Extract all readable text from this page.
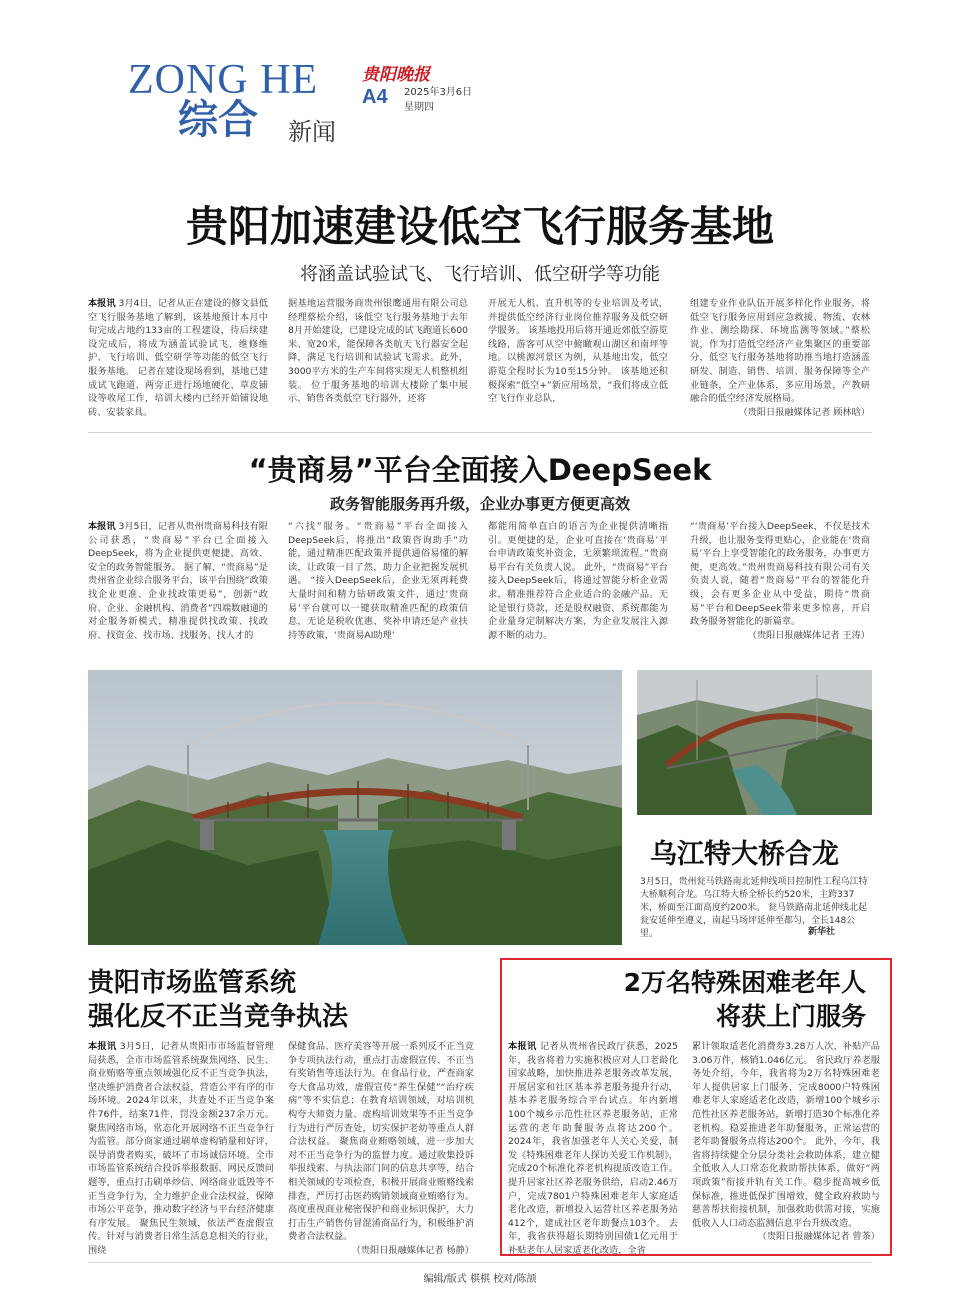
ZONG HE
综合 新闻
贵阳晚报
A4 2025年3月6日
星期四
贵阳加速建设低空飞行服务基地
将涵盖试验试飞、飞行培训、低空研学等功能
本报讯 3月4日，记者从正在建设的修文县低空飞行服务基地了解到，该基地预计本月中旬完成占地约133亩的工程建设，待后续建设完成后，将成为涵盖试验试飞、维修维护、飞行培训、低空研学等功能的低空飞行服务基地。 记者在建设现场看到，基地已建成试飞跑道、两旁正进行场地硬化、草皮铺设等收尾工作，培训大楼内已经开始铺设地砖、安装家具。
据基地运营服务商贵州银鹰通用有限公司总经理蔡松介绍，该低空飞行服务基地于去年8月开始建设，已建设完成的试飞跑道长600米、宽20米，能保障各类航天飞行器安全起降，满足飞行培训和试验试飞需求。此外，3000平方米的生产车间将实现无人机整机组装。 位于服务基地的培训大楼除了集中展示、销售各类低空飞行器外，还将
开展无人机、直升机等的专业培训及考试，并提供低空经济行业岗位推荐服务及低空研学服务。 该基地投用后将开通近郊低空游览线路，游客可从空中俯瞰观山湖区和南坪等地。以桃源河景区为例，从基地出发，低空游览全程时长为10至15分钟。 该基地还积极探索“低空+”新应用场景，“我们将成立低空飞行作业总队，
组建专业作业队伍开展多样化作业服务，将低空飞行服务应用到应急救援、物流、农林作业、测绘勘探、环境监测等领域。”蔡松说，作为打造低空经济产业集聚区的重要部分，低空飞行服务基地将助推当地打造涵盖研发、制造、销售、培训、服务保障等全产业链条，全产业体系，多应用场景，产教研融合的低空经济发展格局。
（贵阳日报融媒体记者 顾林晗）
“贵商易”平台全面接入DeepSeek
政务智能服务再升级，企业办事更方便更高效
本报讯 3月5日，记者从贵州贵商易科技有限公司获悉，“贵商易”平台已全面接入DeepSeek，将为企业提供更便捷、高效、安全的政务智能服务。 据了解，“贵商易”是贵州省企业综合服务平台，该平台围绕“政策找企业更准、企业找政策更易”，创新“政府、企业、金融机构、消费者”四端数融通的对企服务新模式，精准提供找政策、找政府、找资金、找市场、找服务、找人才的
“六找”服务。“贵商易”平台全面接入DeepSeek后，将推出“政策咨询助手”功能，通过精准匹配政策并提供通俗易懂的解读，让政策一目了然，助力企业把握发展机遇。 “接入DeepSeek后，企业无须再耗费大量时间和精力钻研政策文件，通过‘贵商易’平台就可以一键获取精准匹配的政策信息，无论是税收优惠、奖补申请还是产业扶持等政策，‘贵商易AI助理’
都能用简单直白的语言为企业提供清晰指引。更便捷的是，企业可直接在‘贵商易’平台申请政策奖补资金，无须繁琐流程。”贵商易平台有关负责人说。 此外，“贵商易”平台接入DeepSeek后，将通过智能分析企业需求，精准推荐符合企业适合的金融产品。无论是银行贷款，还是股权融资，系统都能为企业量身定制解决方案，为企业发展注入源源不断的动力。
“‘贵商易’平台接入DeepSeek，不仅是技术升级，也让服务变得更贴心，企业能在‘贵商易’平台上享受智能化的政务服务，办事更方便，更高效。”贵州贵商易科技有限公司有关负责人说，随着“贵商易”平台的智能化升级，会有更多企业从中受益，期待“贵商易”平台和DeepSeek带来更多惊喜，开启政务服务智能化的新篇章。
（贵阳日报融媒体记者 王涛）
乌江特大桥合龙
3月5日，贵州瓮马铁路南北延伸线项目控制性工程乌江特大桥顺利合龙。乌江特大桥全桥长约520米，主跨337米，桥面至江面高度约200米。 瓮马铁路南北延伸线北起瓮安延伸至遵义，南起马场坪延伸至都匀，全长148公里。	新华社
贵阳市场监管系统
强化反不正当竞争执法
本报讯 3月5日，记者从贵阳市市场监督管理局获悉，全市市场监管系统聚焦网络、民生、商业贿赂等重点领域强化反不正当竞争执法，坚决维护消费者合法权益，营造公平有序的市场环境。2024年以来，共查处不正当竞争案件76件，结案71件，罚没金额237余万元。 聚焦网络市场，常态化开展网络不正当竞争行为监管。部分商家通过刷单虚构销量和好评，误导消费者购买，破坏了市场诚信环境。全市市场监管系统结合投诉举报数据、网民反馈问题等，重点打击刷单炒信、网络商业诋毁等不正当竞争行为，全力维护企业合法权益，保障市场公平竞争，推动数字经济与平台经济健康有序发展。 聚焦民生领域，依法严查虚假宣传。针对与消费者日常生活息息相关的行业，围绕
保健食品、医疗美容等开展一系列反不正当竞争专项执法行动，重点打击虚假宣传、不正当有奖销售等违法行为。在食品行业，严查商家夸大食品功效，虚假宣传“养生保健”“治疗疾病”等不实信息；在教育培训领域，对培训机构夸大师资力量、虚构培训效果等不正当竞争行为进行严厉查处，切实保护老幼等重点人群合法权益。 聚焦商业贿赂领域，进一步加大对不正当竞争行为的监督力度。通过收集投诉举报线索、与执法部门间的信息共享等，结合相关领域的专项检查，积极开展商业贿赂线索排查，严厉打击医药购销领域商业贿赂行为。高度重视商业秘密保护和商业标识保护，大力打击生产销售仿冒混淆商品行为，积极维护消费者合法权益。
（贵阳日报融媒体记者 杨静）
2万名特殊困难老年人
将获上门服务
本报讯 记者从贵州省民政厅获悉，2025年，我省将着力实施积极应对人口老龄化国家战略，加快推进养老服务改革发展，开展居家和社区基本养老服务提升行动，基本养老服务综合平台试点。年内新增100个城乡示范性社区养老服务站，正常运营的老年助餐服务点将达200个。 2024年，我省加强老年人关心关爱，制发《特殊困难老年人探访关爱工作机制》，完成20个标准化养老机构提质改造工作。提升居家社区养老服务供给，启动2.46万户，完成7801户特殊困难老年人家庭适老化改造，新增投入运营社区养老服务站412个，建成社区老年助餐点103个。 去年，我省获得超长期特别国债1亿元用于补贴老年人居家适老化改造，全省
累计领取适老化消费券3.28万人次，补贴产品3.06万件，核销1.046亿元。 省民政厅养老服务处介绍，今年，我省将为2万名特殊困难老年人提供居家上门服务，完成8000户特殊困难老年人家庭适老化改造，新增100个城乡示范性社区养老服务站，新增打造30个标准化养老机构。稳妥推进老年助餐服务，正常运营的老年助餐服务点将达200个。 此外，今年，我省将持续健全分层分类社会救助体系，建立健全低收入人口常态化救助帮扶体系，做好“两项政策”衔接并轨有关工作。稳步提高城乡低保标准，推进低保扩围增效，健全政府救助与慈善帮扶衔接机制，加强救助供需对接，实施低收入人口动态监测信息平台升级改造。
（贵阳日报融媒体记者 曾茶）
编辑/版式 棋棋 校对/陈颉
